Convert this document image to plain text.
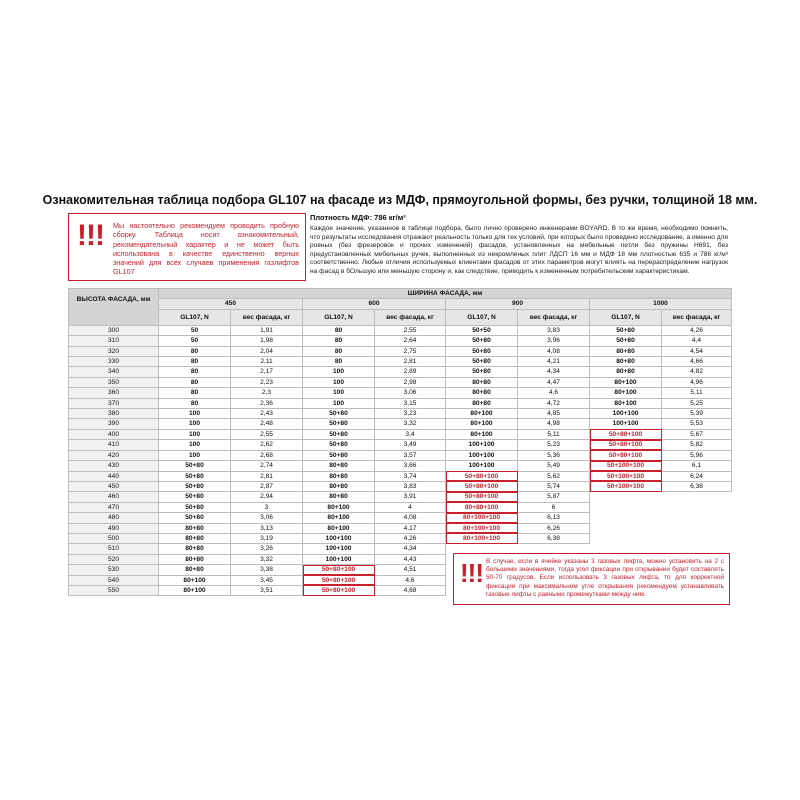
Ознакомительная таблица подбора GL107 на фасаде из МДФ, прямоугольной формы, без ручки, толщиной 18 мм.
!!! Мы настоятельно рекомендуем проводить пробную сборку. Таблица носит ознакомительный, рекомендательный характер и не может быть использована в качестве единственно верных значений для всех случаев применения газлифтов GL107
Плотность МДФ: 786 кг/м³
Каждое значение, указанное в таблице подбора, было лично проверено инженерами BOYARD. В то же время, необходимо помнить, что результаты исследования отражают реальность только для тех условий, при которых было проведено исследование, а именно для ровных (без фрезеровок и прочих изменений) фасадов, установленных на мебельные петли без пружины H691, без предустановленных мебельных ручек, выполненных из некромленых плит ЛДСП 16 мм и МДФ 18 мм плотностью 635 и 786 кг/м³ соответственно. Любые отличия используемых клиентами фасадов от этих параметров могут влиять на перераспределение нагрузок на фасад в бОльшую или меньшую сторону и, как следствие, приводить к измененным потребительским характеристикам.
ВЫСОТА ФАСАДА, мм	ШИРИНА ФАСАДА, мм							
	450		600		900		1000	
	GL107, N	вес фасада, кг	GL107, N	вес фасада, кг	GL107, N	вес фасада, кг	GL107, N	вес фасада, кг
300	50	1,91	80	2,55	50+50	3,83	50+80	4,26
310	50	1,98	80	2,64	50+80	3,96	50+80	4,4
320	80	2,04	80	2,75	50+80	4,08	80+80	4,54
330	80	2,11	80	2,81	50+80	4,21	80+80	4,66
340	80	2,17	100	2,89	50+80	4,34	80+80	4,82
350	80	2,23	100	2,98	80+80	4,47	80+100	4,96
360	80	2,3	100	3,06	80+80	4,6	80+100	5,11
370	80	2,36	100	3,15	80+80	4,72	80+100	5,25
380	100	2,43	50+80	3,23	80+100	4,85	100+100	5,39
390	100	2,48	50+80	3,32	80+100	4,98	100+100	5,53
400	100	2,55	50+80	3,4	80+100	5,11	50+80+100	5,67
410	100	2,62	50+80	3,49	100+100	5,23	50+80+100	5,82
420	100	2,68	50+80	3,57	100+100	5,36	50+80+100	5,96
430	50+80	2,74	80+80	3,66	100+100	5,49	50+100+100	6,1
440	50+80	2,81	80+80	3,74	50+80+100	5,62	50+100+100	6,24
450	50+80	2,87	80+80	3,83	50+80+100	5,74	50+100+100	6,38
460	50+80	2,94	80+80	3,91	50+80+100	5,87		
470	50+80	3	80+100	4	80+80+100	6		
480	50+80	3,06	80+100	4,08	80+100+100	6,13		
490	80+80	3,13	80+100	4,17	80+100+100	6,26		
500	80+80	3,19	100+100	4,26	80+100+100	6,38		
510	80+80	3,26	100+100	4,34				
520	80+80	3,32	100+100	4,43				
530	80+80	3,38	50+80+100	4,51				
540	80+100	3,45	50+80+100	4,6				
550	80+100	3,51	50+80+100	4,68				
!!! В случае, если в ячейке указаны 3 газовых лифта, можно установить на 2 с большими значениями, тогда угол фиксации при открывании будет составлять 50-70 градусов. Если использовать 3 газовых лифта, то для корректной фиксации при максимальном угле открывания рекомендуем устанавливать газовые лифты с равными промежутками между ним.
